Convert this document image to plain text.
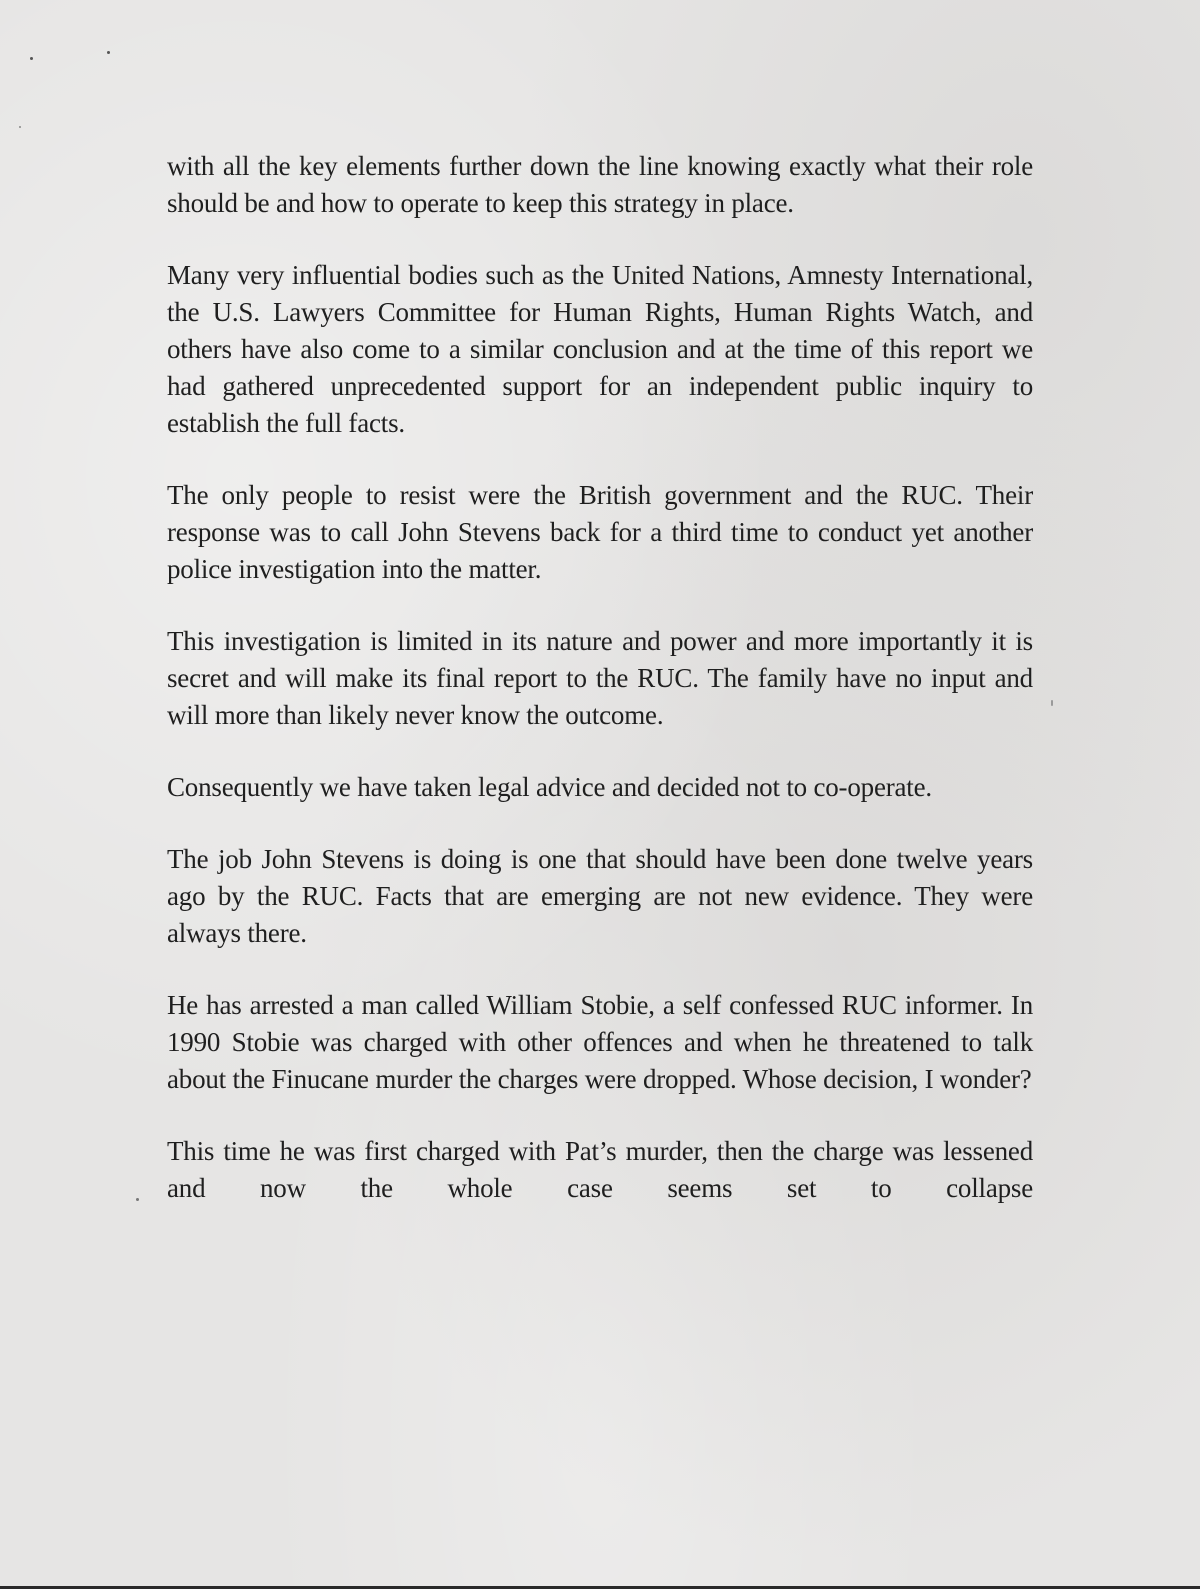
with all the key elements further down the line knowing exactly what their role should be and how to operate to keep this strategy in place.

Many very influential bodies such as the United Nations, Amnesty International, the U.S. Lawyers Committee for Human Rights, Human Rights Watch, and others have also come to a similar conclusion and at the time of this report we had gathered unprecedented support for an independent public inquiry to establish the full facts.

The only people to resist were the British government and the RUC. Their response was to call John Stevens back for a third time to conduct yet another police investigation into the matter.

This investigation is limited in its nature and power and more importantly it is secret and will make its final report to the RUC. The family have no input and will more than likely never know the outcome.

Consequently we have taken legal advice and decided not to co-operate.

The job John Stevens is doing is one that should have been done twelve years ago by the RUC. Facts that are emerging are not new evidence. They were always there.

He has arrested a man called William Stobie, a self confessed RUC informer. In 1990 Stobie was charged with other offences and when he threatened to talk about the Finucane murder the charges were dropped. Whose decision, I wonder?

This time he was first charged with Pat’s murder, then the charge was lessened and now the whole case seems set to collapse
